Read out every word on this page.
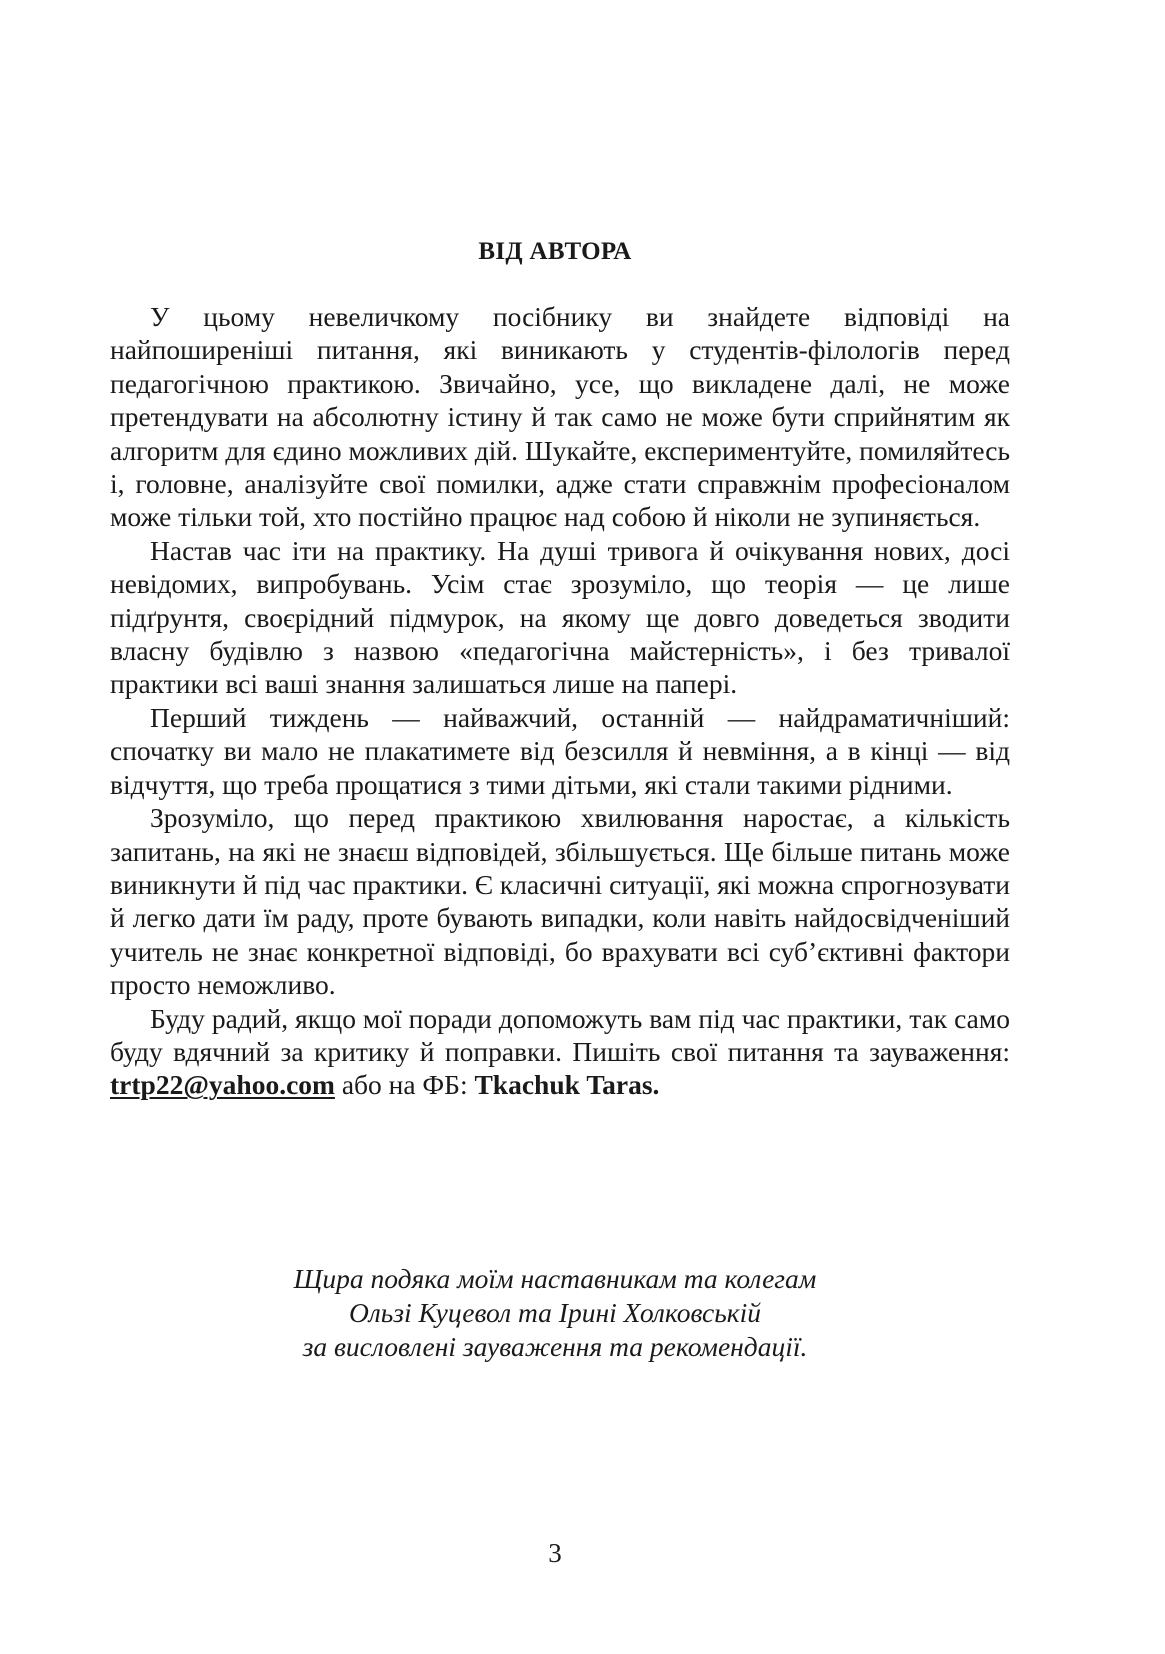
ВІД АВТОРА

У цьому невеличкому посібнику ви знайдете відповіді на найпоширеніші питання, які виникають у студентів-філологів перед педагогічною практикою. Звичайно, усе, що викладене далі, не може претендувати на абсолютну істину й так само не може бути сприйнятим як алгоритм для єдино можливих дій. Шукайте, експериментуйте, помиляйтесь і, головне, аналізуйте свої помилки, адже стати справжнім професіоналом може тільки той, хто постійно працює над собою й ніколи не зупиняється.

Настав час іти на практику. На душі тривога й очікування нових, досі невідомих, випробувань. Усім стає зрозуміло, що теорія — це лише підґрунтя, своєрідний підмурок, на якому ще довго доведеться зводити власну будівлю з назвою «педагогічна майстерність», і без тривалої практики всі ваші знання залишаться лише на папері.

Перший тиждень — найважчий, останній — найдраматичніший: спочатку ви мало не плакатимете від безсилля й невміння, а в кінці — від відчуття, що треба прощатися з тими дітьми, які стали такими рідними.

Зрозуміло, що перед практикою хвилювання наростає, а кількість запитань, на які не знаєш відповідей, збільшується. Ще більше питань може виникнути й під час практики. Є класичні ситуації, які можна спрогнозувати й легко дати їм раду, проте бувають випадки, коли навіть найдосвідченіший учитель не знає конкретної відповіді, бо врахувати всі суб’єктивні фактори просто неможливо.

Буду радий, якщо мої поради допоможуть вам під час практики, так само буду вдячний за критику й поправки. Пишіть свої питання та зауваження: trtp22@yahoo.com або на ФБ: Tkachuk Taras.

Щира подяка моїм наставникам та колегам
Ользі Куцевол та Ірині Холковській
за висловлені зауваження та рекомендації.
3
